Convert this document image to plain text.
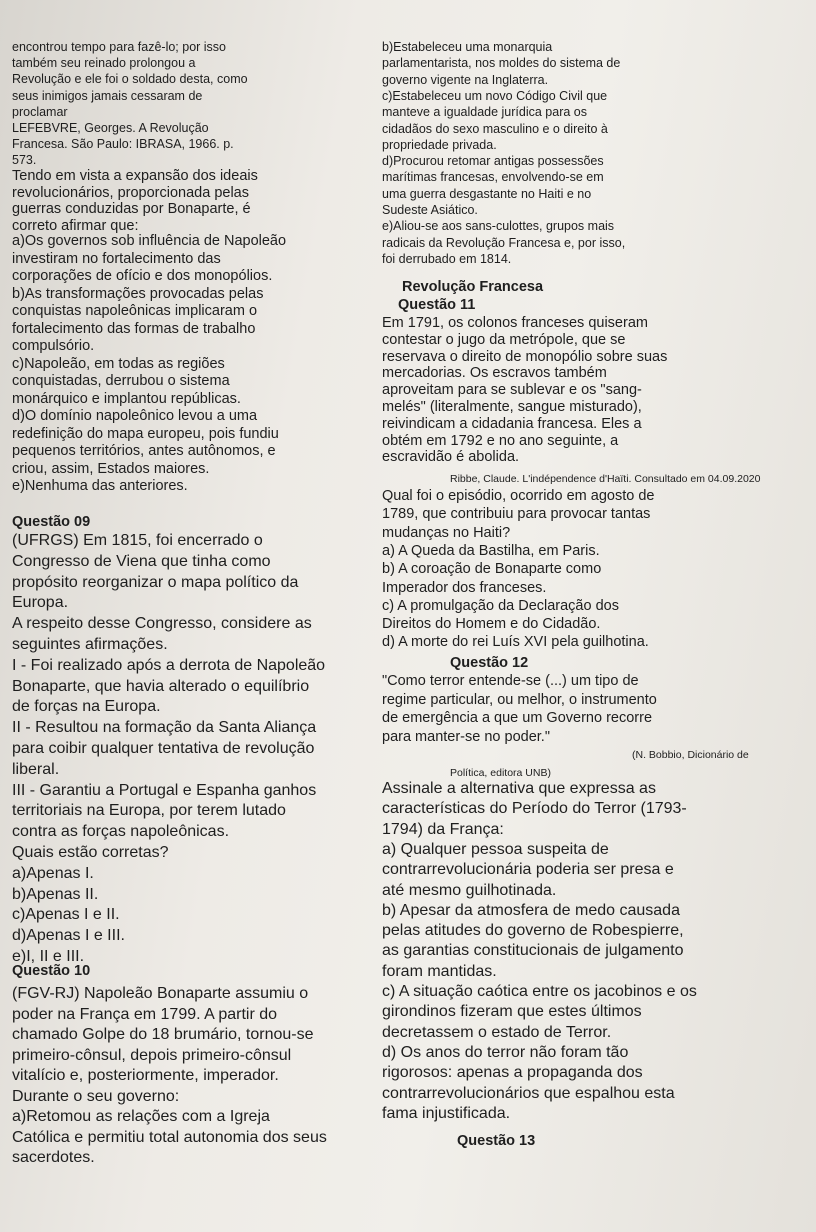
encontrou tempo para fazê-lo; por isso
também seu reinado prolongou a
Revolução e ele foi o soldado desta, como
seus inimigos jamais cessaram de
proclamar
LEFEBVRE, Georges. A Revolução
Francesa. São Paulo: IBRASA, 1966. p.
573.
Tendo em vista a expansão dos ideais
revolucionários, proporcionada pelas
guerras conduzidas por Bonaparte, é
correto afirmar que:
a)Os governos sob influência de Napoleão
investiram no fortalecimento das
corporações de ofício e dos monopólios.
b)As transformações provocadas pelas
conquistas napoleônicas implicaram o
fortalecimento das formas de trabalho
compulsório.
c)Napoleão, em todas as regiões
conquistadas, derrubou o sistema
monárquico e implantou repúblicas.
d)O domínio napoleônico levou a uma
redefinição do mapa europeu, pois fundiu
pequenos territórios, antes autônomos, e
criou, assim, Estados maiores.
e)Nenhuma das anteriores.
Questão 09
(UFRGS) Em 1815, foi encerrado o
Congresso de Viena que tinha como
propósito reorganizar o mapa político da
Europa.
A respeito desse Congresso, considere as
seguintes afirmações.
I - Foi realizado após a derrota de Napoleão
Bonaparte, que havia alterado o equilíbrio
de forças na Europa.
II - Resultou na formação da Santa Aliança
para coibir qualquer tentativa de revolução
liberal.
III - Garantiu a Portugal e Espanha ganhos
territoriais na Europa, por terem lutado
contra as forças napoleônicas.
Quais estão corretas?
a)Apenas I.
b)Apenas II.
c)Apenas I e II.
d)Apenas I e III.
e)I, II e III.
Questão 10
(FGV-RJ) Napoleão Bonaparte assumiu o
poder na França em 1799. A partir do
chamado Golpe do 18 brumário, tornou-se
primeiro-cônsul, depois primeiro-cônsul
vitalício e, posteriormente, imperador.
Durante o seu governo:
a)Retomou as relações com a Igreja
Católica e permitiu total autonomia dos seus
sacerdotes.
b)Estabeleceu uma monarquia
parlamentarista, nos moldes do sistema de
governo vigente na Inglaterra.
c)Estabeleceu um novo Código Civil que
manteve a igualdade jurídica para os
cidadãos do sexo masculino e o direito à
propriedade privada.
d)Procurou retomar antigas possessões
marítimas francesas, envolvendo-se em
uma guerra desgastante no Haiti e no
Sudeste Asiático.
e)Aliou-se aos sans-culottes, grupos mais
radicais da Revolução Francesa e, por isso,
foi derrubado em 1814.
Revolução Francesa
Questão 11
Em 1791, os colonos franceses quiseram
contestar o jugo da metrópole, que se
reservava o direito de monopólio sobre suas
mercadorias. Os escravos também
aproveitam para se sublevar e os "sang-
melés" (literalmente, sangue misturado),
reivindicam a cidadania francesa. Eles a
obtém em 1792 e no ano seguinte, a
escravidão é abolida.
Ribbe, Claude. L'indépendence d'Haïti. Consultado em 04.09.2020
Qual foi o episódio, ocorrido em agosto de
1789, que contribuiu para provocar tantas
mudanças no Haiti?
a) A Queda da Bastilha, em Paris.
b) A coroação de Bonaparte como
Imperador dos franceses.
c) A promulgação da Declaração dos
Direitos do Homem e do Cidadão.
d) A morte do rei Luís XVI pela guilhotina.
Questão 12
"Como terror entende-se (...) um tipo de
regime particular, ou melhor, o instrumento
de emergência a que um Governo recorre
para manter-se no poder."
(N. Bobbio, Dicionário de
Política, editora UNB)
Assinale a alternativa que expressa as
características do Período do Terror (1793-
1794) da França:
a) Qualquer pessoa suspeita de
contrarrevolucionária poderia ser presa e
até mesmo guilhotinada.
b) Apesar da atmosfera de medo causada
pelas atitudes do governo de Robespierre,
as garantias constitucionais de julgamento
foram mantidas.
c) A situação caótica entre os jacobinos e os
girondinos fizeram que estes últimos
decretassem o estado de Terror.
d) Os anos do terror não foram tão
rigorosos: apenas a propaganda dos
contrarrevolucionários que espalhou esta
fama injustificada.
Questão 13
